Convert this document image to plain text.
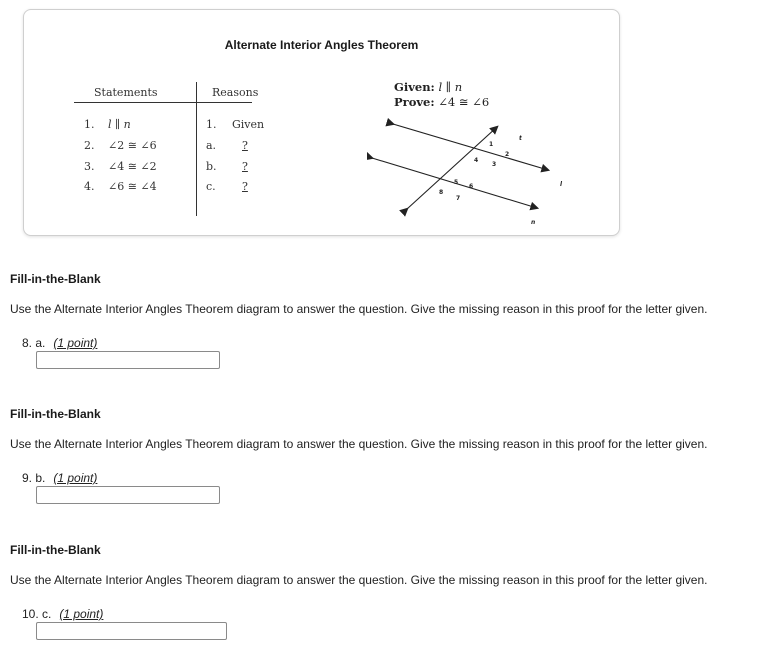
Alternate Interior Angles Theorem
Statements	Reasons
1. l ∥ n	1. Given
2. ∠2 ≅ ∠6	a. ?
3. ∠4 ≅ ∠2	b. ?
4. ∠6 ≅ ∠4	c. ?
Given: l ∥ n
Prove: ∠4 ≅ ∠6
1
2
3
4
5
6
7
8
t
l
n
Fill-in-the-Blank
Use the Alternate Interior Angles Theorem diagram to answer the question. Give the missing reason in this proof for the letter given.
8. a. (1 point)
Fill-in-the-Blank
Use the Alternate Interior Angles Theorem diagram to answer the question. Give the missing reason in this proof for the letter given.
9. b. (1 point)
Fill-in-the-Blank
Use the Alternate Interior Angles Theorem diagram to answer the question. Give the missing reason in this proof for the letter given.
10. c. (1 point)
